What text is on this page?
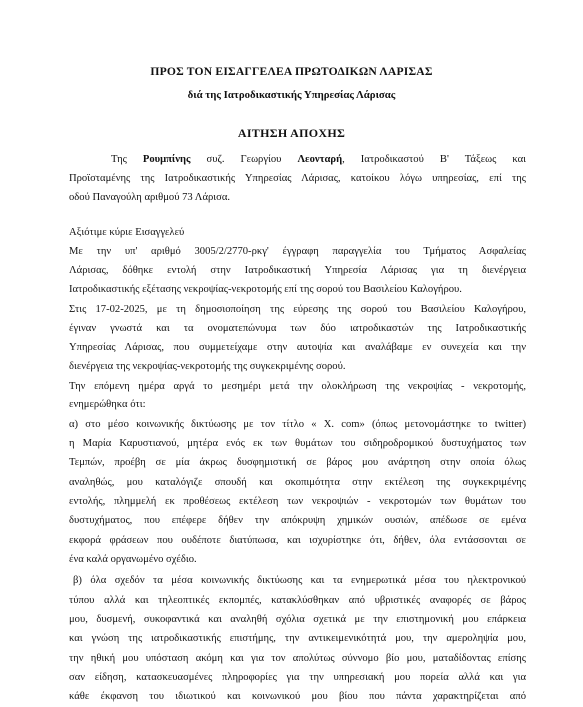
ΠΡΟΣ ΤΟΝ ΕΙΣΑΓΓΕΛΕΑ ΠΡΩΤΟΔΙΚΩΝ ΛΑΡΙΣΑΣ
διά της Ιατροδικαστικής Υπηρεσίας Λάρισας
ΑΙΤΗΣΗ ΑΠΟΧΗΣ
Της Ρουμπίνης συζ. Γεωργίου Λεονταρή, Ιατροδικαστού Β' Τάξεως και
Προϊσταμένης της Ιατροδικαστικής Υπηρεσίας Λάρισας, κατοίκου λόγω υπηρεσίας, επί της
οδού Παναγούλη αριθμού 73 Λάρισα.
Αξιότιμε κύριε Εισαγγελεύ
Με την υπ' αριθμό 3005/2/2770-ρκγ' έγγραφη παραγγελία του Τμήματος Ασφαλείας
Λάρισας, δόθηκε εντολή στην Ιατροδικαστική Υπηρεσία Λάρισας για τη διενέργεια
Ιατροδικαστικής εξέτασης νεκροψίας-νεκροτομής επί της σορού του Βασιλείου Καλογήρου.
Στις 17-02-2025, με τη δημοσιοποίηση της εύρεσης της σορού του Βασιλείου Καλογήρου,
έγιναν γνωστά και τα ονοματεπώνυμα των δύο ιατροδικαστών της Ιατροδικαστικής
Υπηρεσίας Λάρισας, που συμμετείχαμε στην αυτοψία και αναλάβαμε εν συνεχεία και την
διενέργεια της νεκροψίας-νεκροτομής της συγκεκριμένης σορού.
Την επόμενη ημέρα αργά το μεσημέρι μετά την ολοκλήρωση της νεκροψίας - νεκροτομής,
ενημερώθηκα ότι:
α) στο μέσο κοινωνικής δικτύωσης με τον τίτλο « X. com» (όπως μετονομάστηκε το twitter)
η Μαρία Καρυστιανού, μητέρα ενός εκ των θυμάτων του σιδηροδρομικού δυστυχήματος των
Τεμπών, προέβη σε μία άκρως δυσφημιστική σε βάρος μου ανάρτηση στην οποία όλως
αναληθώς, μου καταλόγιζε σπουδή και σκοπιμότητα στην εκτέλεση της συγκεκριμένης
εντολής, πλημμελή εκ προθέσεως εκτέλεση των νεκροψιών - νεκροτομών των θυμάτων του
δυστυχήματος, που επέφερε δήθεν την απόκρυψη χημικών ουσιών, απέδωσε σε εμένα
εκφορά φράσεων που ουδέποτε διατύπωσα, και ισχυρίστηκε ότι, δήθεν, όλα εντάσσονται σε
ένα καλά οργανωμένο σχέδιο.
β) όλα σχεδόν τα μέσα κοινωνικής δικτύωσης και τα ενημερωτικά μέσα του ηλεκτρονικού
τύπου αλλά και τηλεοπτικές εκπομπές, κατακλύσθηκαν από υβριστικές αναφορές σε βάρος
μου, δυσμενή, συκοφαντικά και αναληθή σχόλια σχετικά με την επιστημονική μου επάρκεια
και γνώση της ιατροδικαστικής επιστήμης, την αντικειμενικότητά μου, την αμεροληψία μου,
την ηθική μου υπόσταση ακόμη και για τον απολύτως σύννομο βίο μου, ματαδίδοντας επίσης
σαν είδηση, κατασκευασμένες πληροφορίες για την υπηρεσιακή μου πορεία αλλά και για
κάθε έκφανση του ιδιωτικού και κοινωνικού μου βίου που πάντα χαρακτηρίζεται από
